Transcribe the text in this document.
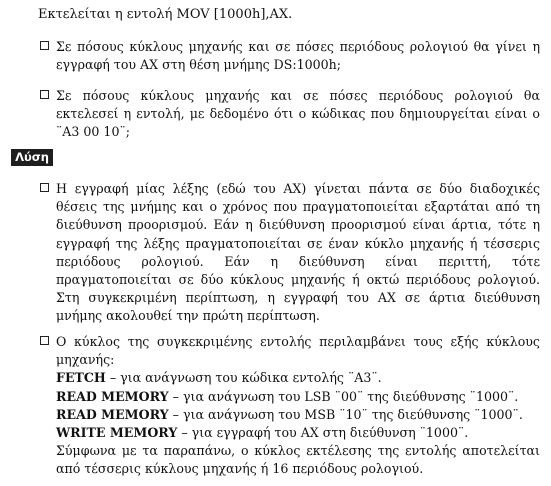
Εκτελείται η εντολή MOV [1000h],AX.
Σε πόσους κύκλους μηχανής και σε πόσες περιόδους ρολογιού θα γίνει η εγγραφή του AX στη θέση μνήμης DS:1000h;
Σε πόσους κύκλους μηχανής και σε πόσες περιόδους ρολογιού θα εκτελεσεί η εντολή, με δεδομένο ότι ο κώδικας που δημιουργείται είναι ο ¨A3 00 10¨;
Λύση
Η εγγραφή μίας λέξης (εδώ του AX) γίνεται πάντα σε δύο διαδοχικές θέσεις της μνήμης και ο χρόνος που πραγματοποιείται εξαρτάται από τη διεύθυνση προορισμού. Εάν η διεύθυνση προορισμού είναι άρτια, τότε η εγγραφή της λέξης πραγματοποιείται σε έναν κύκλο μηχανής ή τέσσερις περιόδους ρολογιού. Εάν η διεύθυνση είναι περιττή, τότε πραγματοποιείται σε δύο κύκλους μηχανής ή οκτώ περιόδους ρολογιού. Στη συγκεκριμένη περίπτωση, η εγγραφή του AX σε άρτια διεύθυνση μνήμης ακολουθεί την πρώτη περίπτωση.
Ο κύκλος της συγκεκριμένης εντολής περιλαμβάνει τους εξής κύκλους μηχανής:
FETCH – για ανάγνωση του κώδικα εντολής ¨A3¨.
READ MEMORY – για ανάγνωση του LSB ¨00¨ της διεύθυνσης ¨1000¨.
READ MEMORY – για ανάγνωση του MSB ¨10¨ της διεύθυνσης ¨1000¨.
WRITE MEMORY – για εγγραφή του AX στη διεύθυνση ¨1000¨.
Σύμφωνα με τα παραπάνω, ο κύκλος εκτέλεσης της εντολής αποτελείται από τέσσερις κύκλους μηχανής ή 16 περιόδους ρολογιού.
